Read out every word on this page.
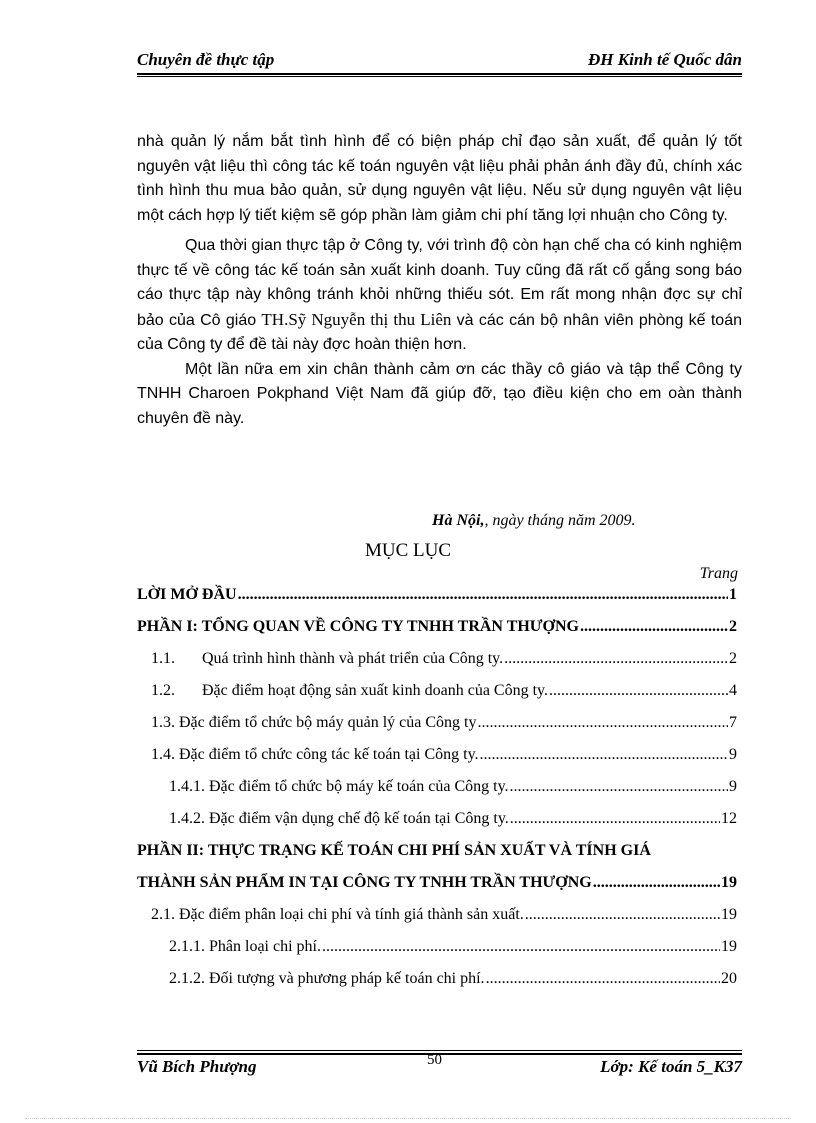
Chuyên đề thực tập	ĐH Kinh tế Quốc dân

nhà quản lý nắm bắt tình hình để có biện pháp chỉ đạo sản xuất, để quản lý tốt nguyên vật liệu thì công tác kế toán nguyên vật liệu phải phản ánh đầy đủ, chính xác tình hình thu mua bảo quản, sử dụng nguyên vật liệu. Nếu sử dụng nguyên vật liệu một cách hợp lý tiết kiệm sẽ góp phần làm giảm chi phí tăng lợi nhuận cho Công ty.

Qua thời gian thực tập ở Công ty, với trình độ còn hạn chế cha có kinh nghiệm thực tế về công tác kế toán sản xuất kinh doanh. Tuy cũng đã rất cố gắng song báo cáo thực tập này không tránh khỏi những thiếu sót. Em rất mong nhận đợc sự chỉ bảo của Cô giáo TH.Sỹ Nguyễn thị thu Liên và các cán bộ nhân viên phòng kế toán của Công ty để đề tài này đợc hoàn thiện hơn.

Một lần nữa em xin chân thành cảm ơn các thầy cô giáo và tập thể Công ty TNHH Charoen Pokphand Việt Nam đã giúp đỡ, tạo điều kiện cho em oàn thành chuyên đề này.

Hà Nội,, ngày tháng năm 2009.
MỤC LỤC
Trang
LỜI MỞ ĐẦU .....	1
PHẦN I: TỔNG QUAN VỀ CÔNG TY TNHH TRẦN THƯỢNG .....	2
1.1.	Quá trình hình thành và phát triển của Công ty. .....	2
1.2.	Đặc điểm hoạt động sản xuất kinh doanh của Công ty. .....	4
1.3. Đặc điểm tổ chức bộ máy quản lý của Công ty .....	7
1.4. Đặc điểm tổ chức công tác kế toán tại Công ty. .....	9
1.4.1. Đặc điểm tổ chức bộ máy kế toán của Công ty. .....	9
1.4.2. Đặc điểm vận dụng chế độ kế toán tại Công ty. .....	12
PHẦN II: THỰC TRẠNG KẾ TOÁN CHI PHÍ SẢN XUẤT VÀ TÍNH GIÁ
THÀNH SẢN PHẨM IN TẠI CÔNG TY TNHH TRẦN THƯỢNG .....	19
2.1. Đặc điểm phân loại chi phí và tính giá thành sản xuất. .....	19
2.1.1. Phân loại chi phí. .....	19
2.1.2. Đối tượng và phương pháp kế toán chi phí. .....	20
Vũ Bích Phượng	50	Lớp: Kế toán 5_K37
